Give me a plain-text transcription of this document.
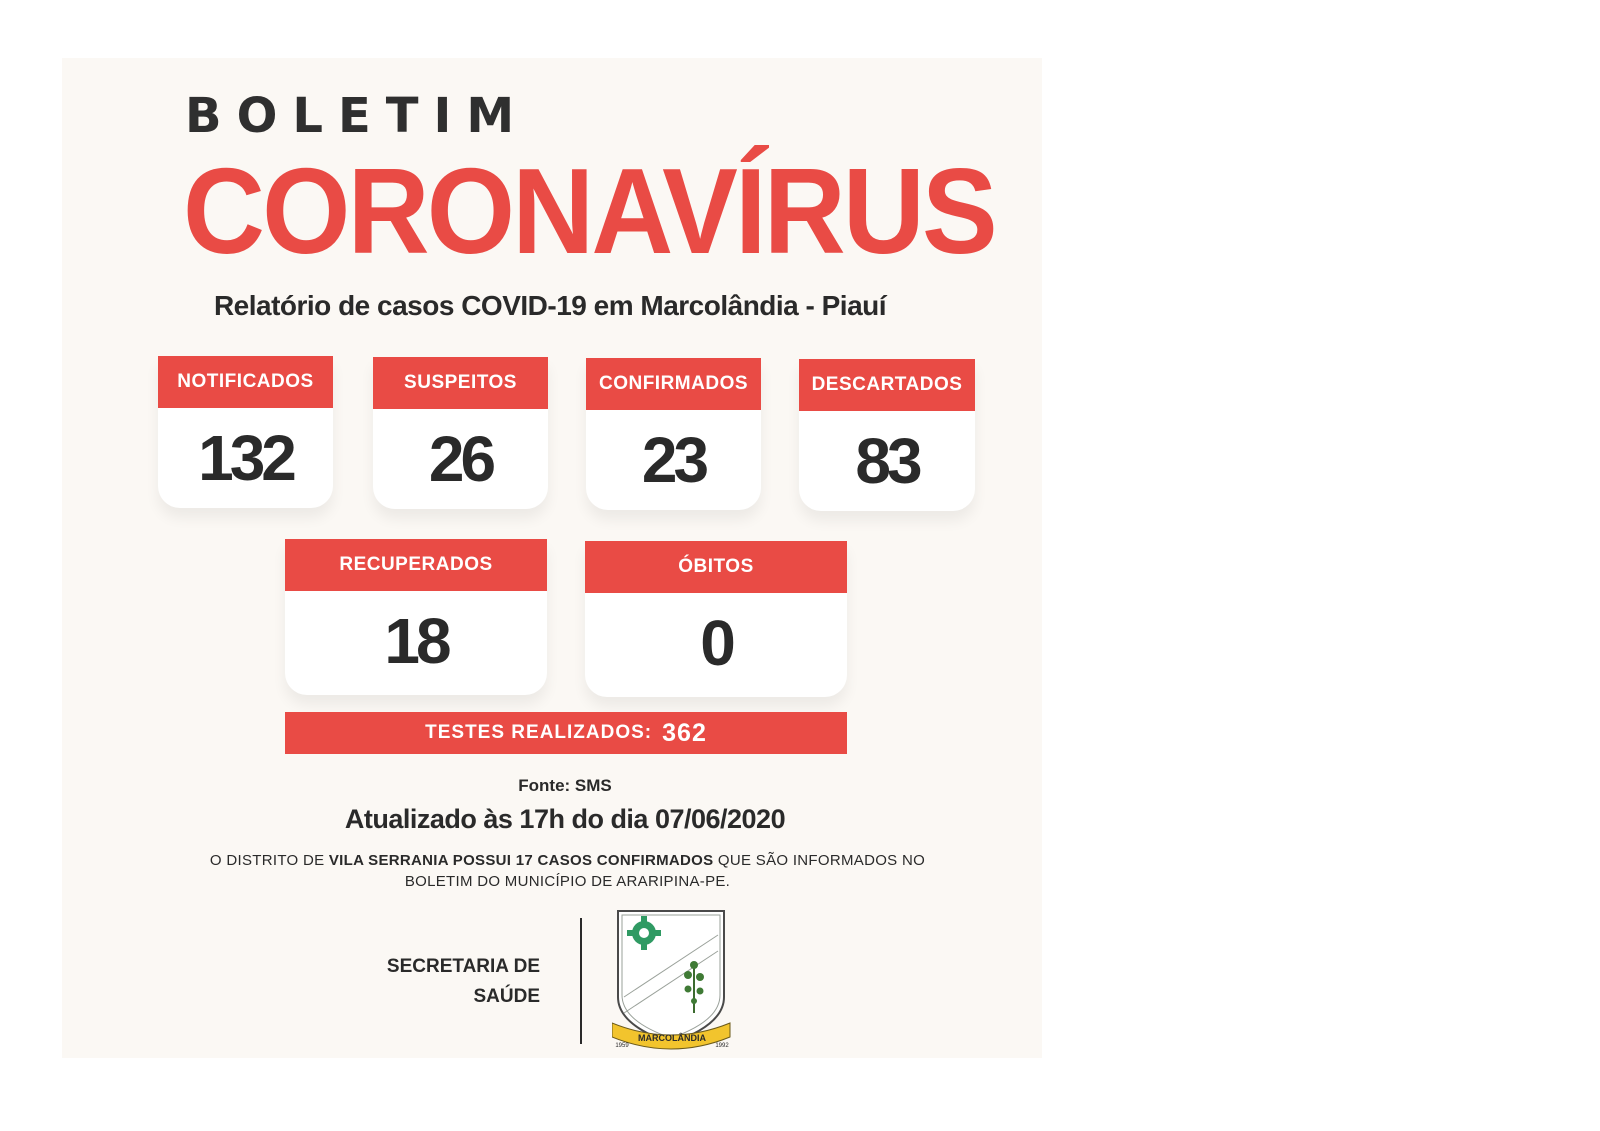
BOLETIM
CORONAVÍRUS
Relatório de casos COVID-19 em Marcolândia - Piauí
NOTIFICADOS
132
SUSPEITOS
26
CONFIRMADOS
23
DESCARTADOS
83
RECUPERADOS
18
ÓBITOS
0
TESTES REALIZADOS: 362
Fonte: SMS
Atualizado às 17h do dia 07/06/2020
O DISTRITO DE VILA SERRANIA POSSUI 17 CASOS CONFIRMADOS QUE SÃO INFORMADOS NO BOLETIM DO MUNICÍPIO DE ARARIPINA-PE.
SECRETARIA DE
SAÚDE
MARCOLÂNDIA
1959	1992
